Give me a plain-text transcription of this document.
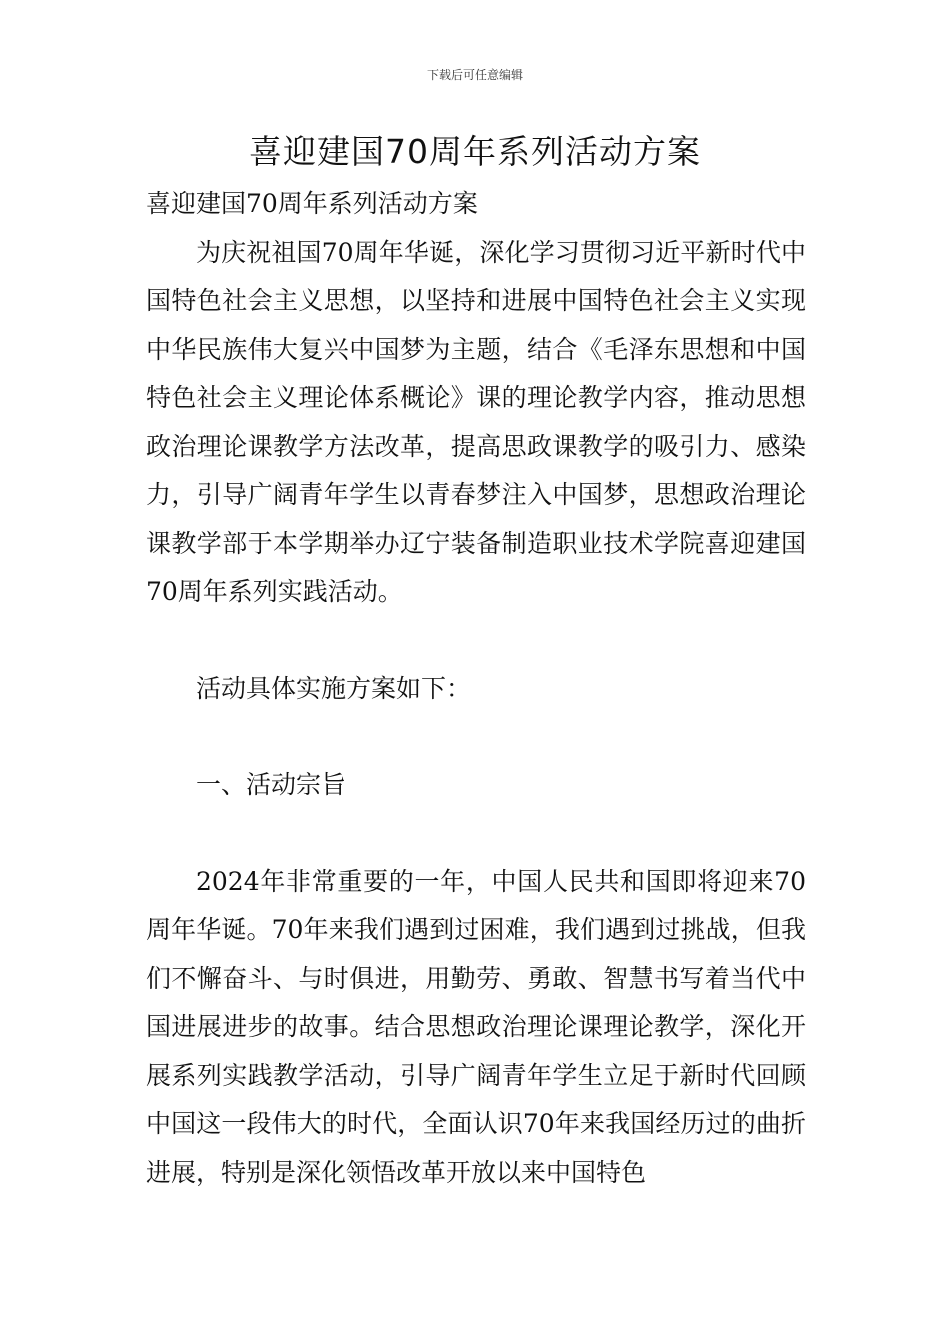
下载后可任意编辑
喜迎建国70周年系列活动方案

喜迎建国70周年系列活动方案

为庆祝祖国70周年华诞，深化学习贯彻习近平新时代中国特色社会主义思想，以坚持和进展中国特色社会主义实现中华民族伟大复兴中国梦为主题，结合《毛泽东思想和中国特色社会主义理论体系概论》课的理论教学内容，推动思想政治理论课教学方法改革，提高思政课教学的吸引力、感染力，引导广阔青年学生以青春梦注入中国梦，思想政治理论课教学部于本学期举办辽宁装备制造职业技术学院喜迎建国70周年系列实践活动。

活动具体实施方案如下：

一、活动宗旨

2024年非常重要的一年，中国人民共和国即将迎来70周年华诞。70年来我们遇到过困难，我们遇到过挑战，但我们不懈奋斗、与时俱进，用勤劳、勇敢、智慧书写着当代中国进展进步的故事。结合思想政治理论课理论教学，深化开展系列实践教学活动，引导广阔青年学生立足于新时代回顾中国这一段伟大的时代，全面认识70年来我国经历过的曲折进展，特别是深化领悟改革开放以来中国特色
